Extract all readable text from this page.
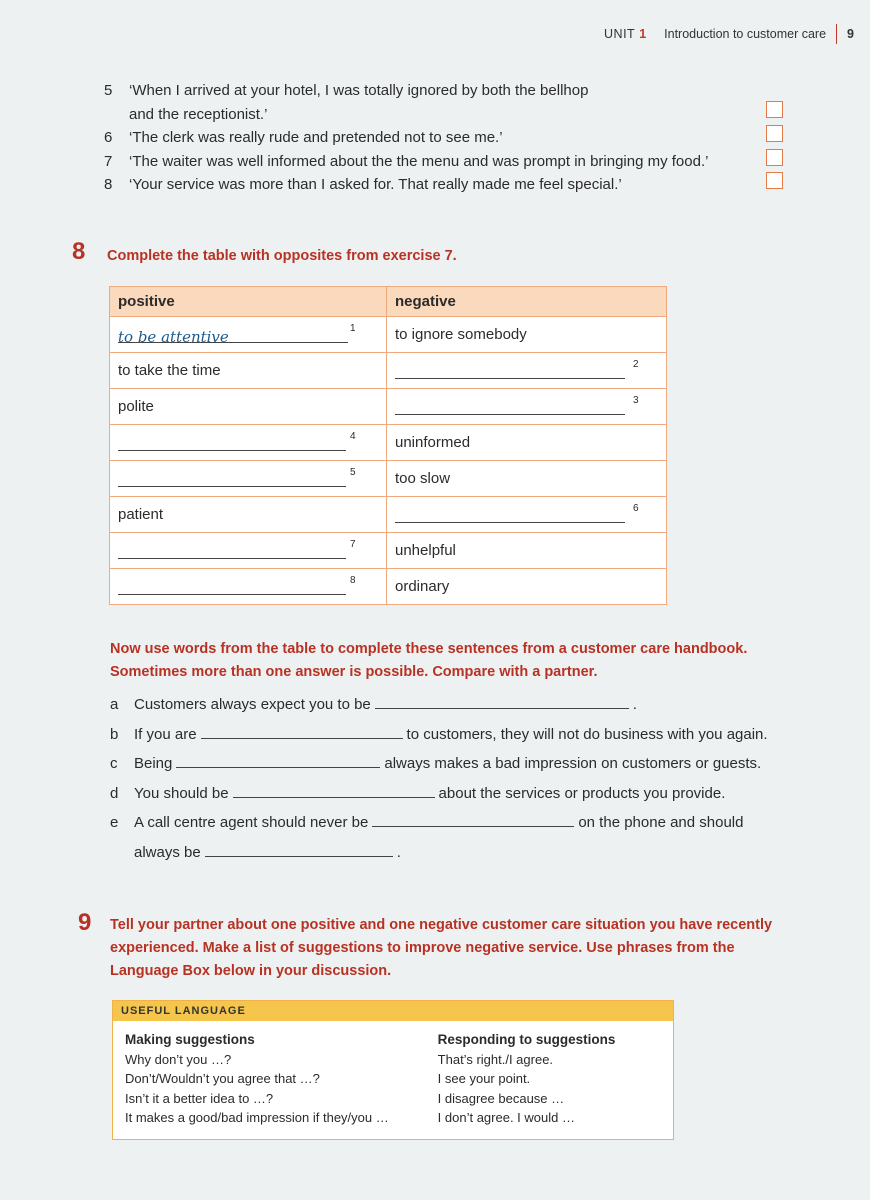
UNIT 1 Introduction to customer care 9
5	‘When I arrived at your hotel, I was totally ignored by both the bellhop
and the receptionist.’
6	‘The clerk was really rude and pretended not to see me.’
7	‘The waiter was well informed about the the menu and was prompt in bringing my food.’
8	‘Your service was more than I asked for. That really made me feel special.’
8 Complete the table with opposites from exercise 7.
positive	negative
to be attentive 1	to ignore somebody
to take the time	2

polite	3

4	uninformed

5	too slow
patient	6

7	unhelpful

8	ordinary
Now use words from the table to complete these sentences from a customer care handbook.
Sometimes more than one answer is possible. Compare with a partner.
a Customers always expect you to be	.
b If you are	to customers, they will not do business with you again.
c Being	always makes a bad impression on customers or guests.
d You should be	about the services or products you provide.
e A call centre agent should never be	on the phone and should
always be	.
9 Tell your partner about one positive and one negative customer care situation you have recently
experienced. Make a list of suggestions to improve negative service. Use phrases from the
Language Box below in your discussion.
USEFUL LANGUAGE
Making suggestions
Why don’t you …?
Don’t/Wouldn’t you agree that …?
Isn’t it a better idea to …?
It makes a good/bad impression if they/you …
Responding to suggestions
That’s right./I agree.
I see your point.
I disagree because …
I don’t agree. I would …
